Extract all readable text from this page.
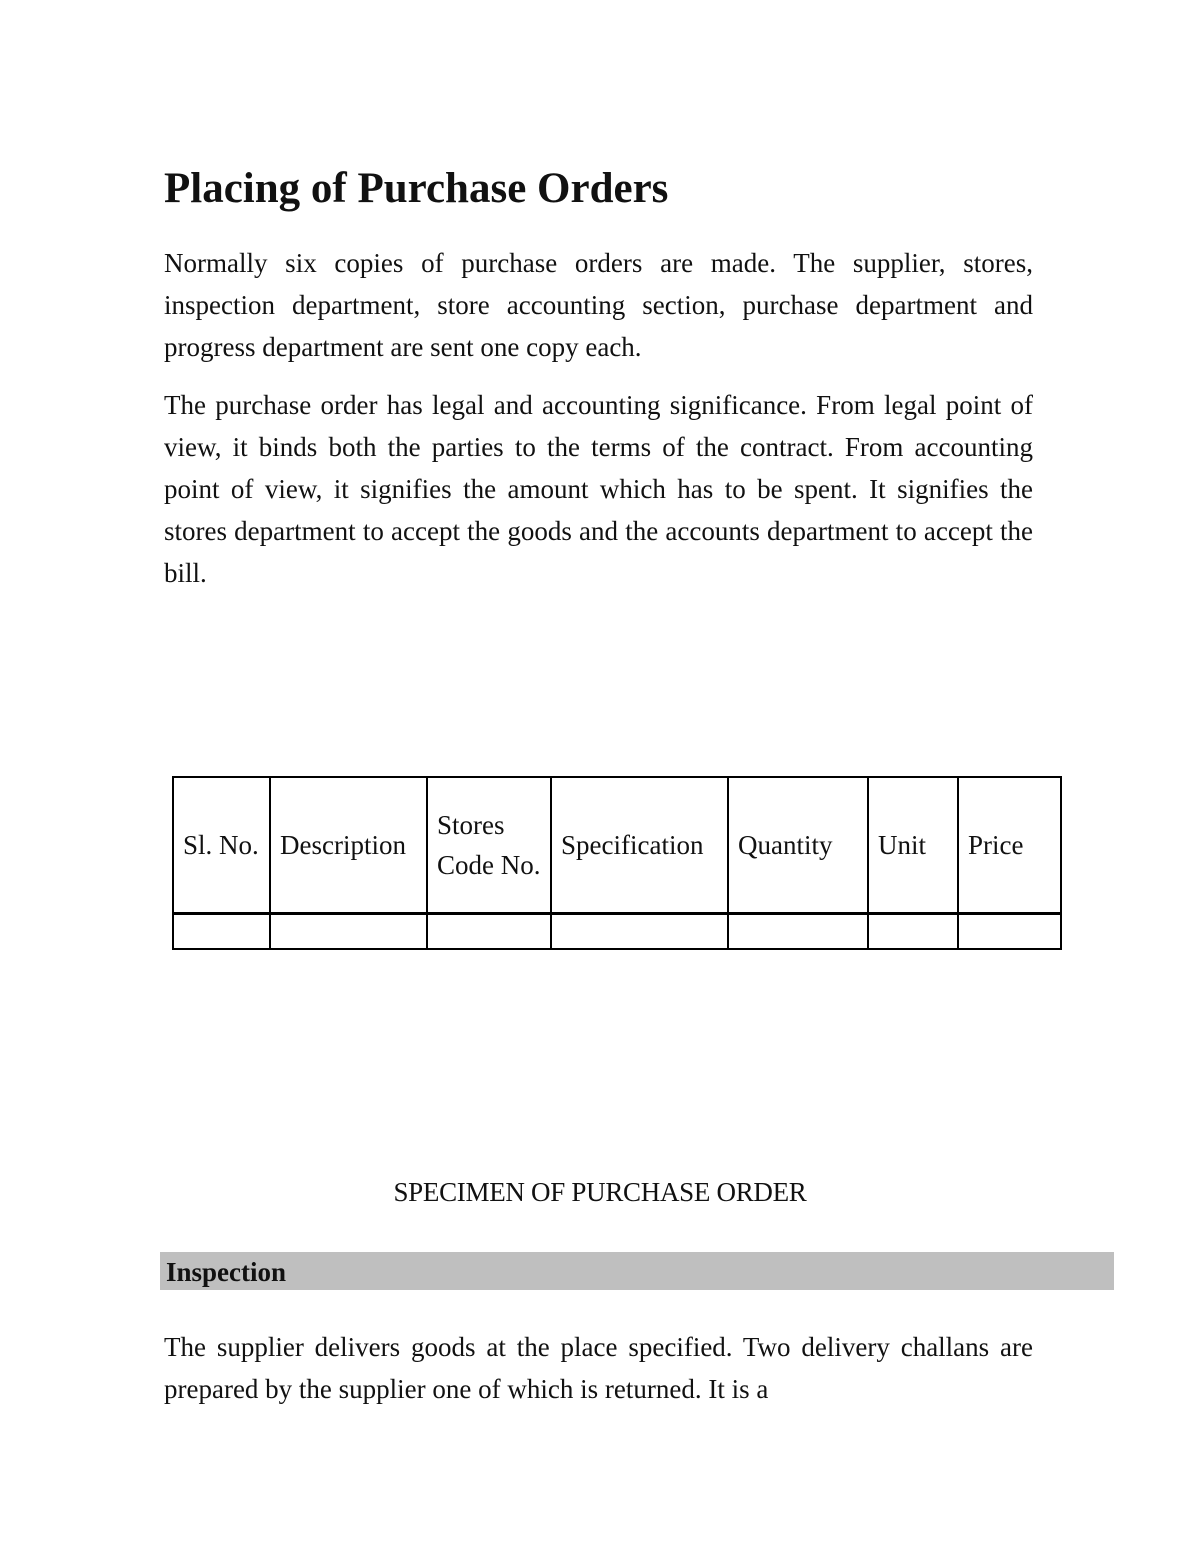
Placing of Purchase Orders

Normally six copies of purchase orders are made. The supplier, stores, inspection department, store accounting section, purchase department and progress department are sent one copy each.

The purchase order has legal and accounting significance. From legal point of view, it binds both the parties to the terms of the contract. From accounting point of view, it signifies the amount which has to be spent. It signifies the stores department to accept the goods and the accounts department to accept the bill.

Sl. No.	Description	Stores Code No.	Specification	Quantity	Unit	Price

SPECIMEN OF PURCHASE ORDER

Inspection

The supplier delivers goods at the place specified. Two delivery challans are prepared by the supplier one of which is returned. It is a
